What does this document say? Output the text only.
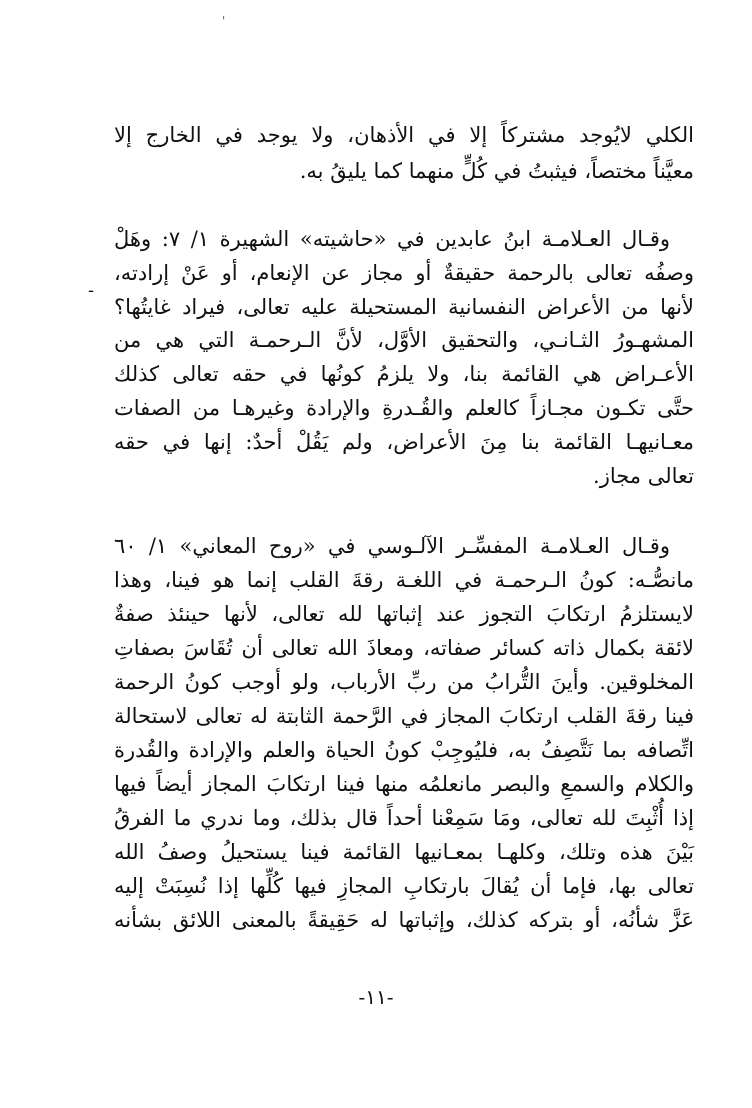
'
-
الكلي لايُوجد مشتركاً إلا في الأذهان، ولا يوجد في الخارج إلا
معيَّناً مختصاً، فيثبتُ في كُلٍّ منهما كما يليقُ به.
وقـال العـلامـة ابنُ عابدين في «حاشيته» الشهيرة ١/ ٧: وهَلْ
وصفُه تعالى بالرحمة حقيقةٌ أو مجاز عن الإنعام، أو عَنْ إرادته،
لأنها من الأعراض النفسانية المستحيلة عليه تعالى، فيراد غايتُها؟
المشهـورُ الثـانـي، والتحقيق الأوَّل، لأنَّ الـرحمـة التي هي من
الأعـراض هي القائمة بنا، ولا يلزمُ كونُها في حقه تعالى كذلك
حتَّى تكـون مجـازاً كالعلم والقُـدرةِ والإرادة وغيرهـا من الصفات
معـانيهـا القائمة بنا مِنَ الأعراض، ولم يَقُلْ أحدٌ: إنها في حقه
تعالى مجاز.
وقـال العـلامـة المفسِّـر الآلـوسي في «روح المعاني» ١/ ٦٠
مانصُّـه: كونُ الـرحمـة في اللغـة رقةَ القلب إنما هو فينا، وهذا
لايستلزمُ ارتكابَ التجوز عند إثباتها لله تعالى، لأنها حينئذ صفةٌ
لائقة بكمال ذاته كسائر صفاته، ومعاذَ الله تعالى أن تُقَاسَ بصفاتِ
المخلوقين. وأينَ التُّرابُ من ربِّ الأرباب، ولو أوجب كونُ الرحمة
فينا رقةَ القلب ارتكابَ المجاز في الرَّحمة الثابتة له تعالى لاستحالة
اتِّصافه بما نَتَّصِفُ به، فليُوجِبْ كونُ الحياة والعلم والإرادة والقُدرة
والكلام والسمعِ والبصر مانعلمُه منها فينا ارتكابَ المجاز أيضاً فيها
إذا أُثْبِتَ لله تعالى، ومَا سَمِعْنا أحداً قال بذلك، وما ندري ما الفرقُ
بَيْنَ هذه وتلك، وكلهـا بمعـانيها القائمة فينا يستحيلُ وصفُ الله
تعالى بها، فإما أن يُقالَ بارتكابِ المجازِ فيها كُلِّها إذا نُسِبَتْ إليه
عَزَّ شأنُه، أو بتركه كذلك، وإثباتها له حَقِيقةً بالمعنى اللائق بشأنه
-١١-
